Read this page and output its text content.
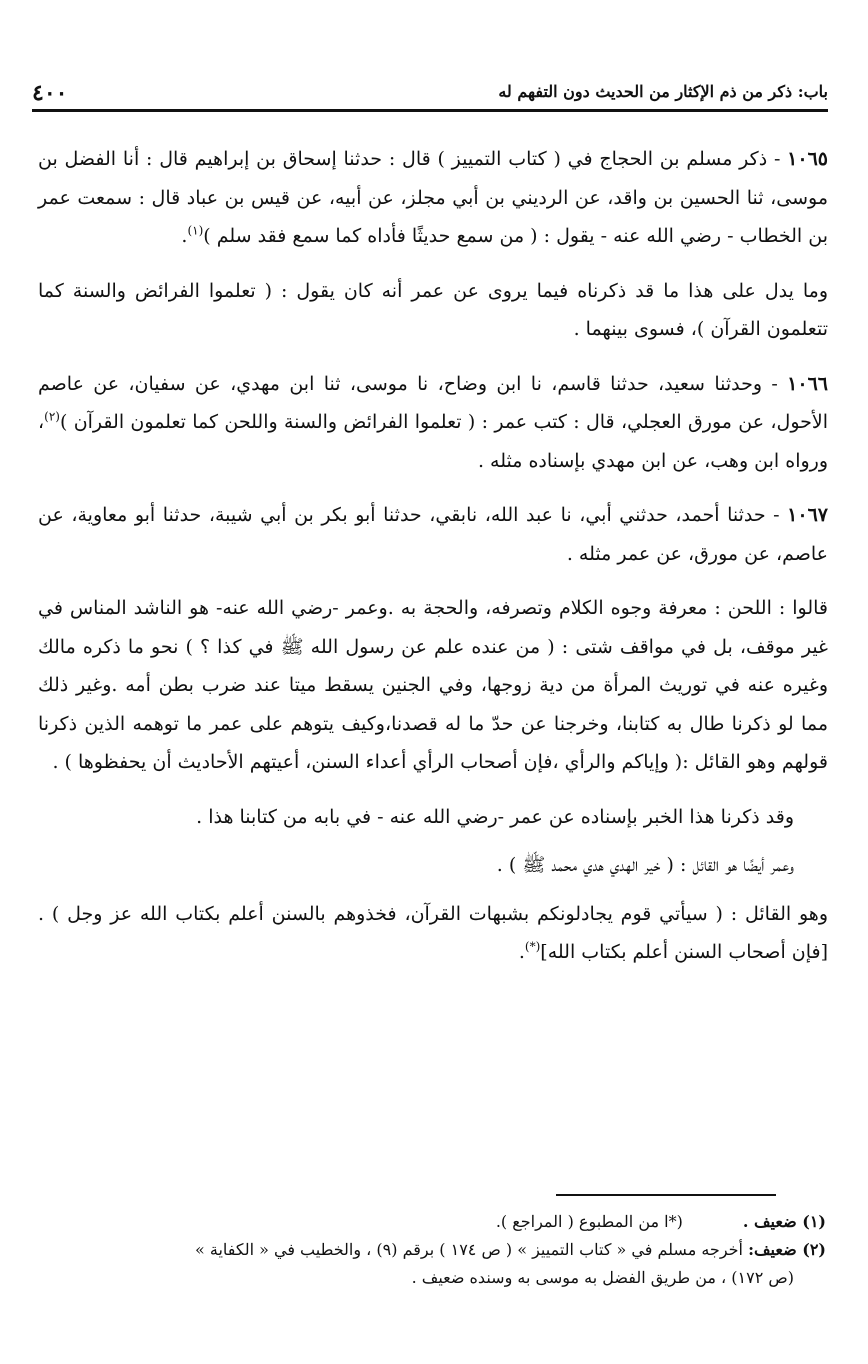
باب: ذكر من ذم الإكثار من الحديث دون التفهم له
٤٠٠

١٠٦٥ - ذكر مسلم بن الحجاج في ( كتاب التمييز ) قال : حدثنا إسحاق بن إبراهيم قال : أنا الفضل بن موسى، ثنا الحسين بن واقد، عن الرديني بن أبي مجلز، عن أبيه، عن قيس بن عباد قال : سمعت عمر بن الخطاب - رضي الله عنه - يقول : ( من سمع حديثًا فأداه كما سمع فقد سلم )$^{(١)}$.

وما يدل على هذا ما قد ذكرناه فيما يروى عن عمر أنه كان يقول : ( تعلموا الفرائض والسنة كما تتعلمون القرآن )، فسوى بينهما .

١٠٦٦ - وحدثنا سعيد، حدثنا قاسم، نا ابن وضاح، نا موسى، ثنا ابن مهدي، عن سفيان، عن عاصم الأحول، عن مورق العجلي، قال : كتب عمر : ( تعلموا الفرائض والسنة واللحن كما تعلمون القرآن )$^{(٢)}$، ورواه ابن وهب، عن ابن مهدي بإسناده مثله .

١٠٦٧ - حدثنا أحمد، حدثني أبي، نا عبد الله، نابقي، حدثنا أبو بكر بن أبي شيبة، حدثنا أبو معاوية، عن عاصم، عن مورق، عن عمر مثله .

قالوا : اللحن : معرفة وجوه الكلام وتصرفه، والحجة به .وعمر -رضي الله عنه- هو الناشد المناس في غير موقف، بل في مواقف شتى : ( من عنده علم عن رسول الله ﷺ في كذا ؟ ) نحو ما ذكره مالك وغيره عنه في توريث المرأة من دية زوجها، وفي الجنين يسقط ميتا عند ضرب بطن أمه .وغير ذلك مما لو ذكرنا طال به كتابنا، وخرجنا عن حدّ ما له قصدنا،وكيف يتوهم على عمر ما توهمه الذين ذكرنا قولهم وهو القائل :( وإياكم والرأي ،فإن أصحاب الرأي أعداء السنن، أعيتهم الأحاديث أن يحفظوها ) .

وقد ذكرنا هذا الخبر بإسناده عن عمر -رضي الله عنه - في بابه من كتابنا هذا .

وعمر أيضًا هو القائل : ( خير الهدي هدي محمد ﷺ ) .

وهو القائل : ( سيأتي قوم يجادلونكم بشبهات القرآن، فخذوهم بالسنن أعلم بكتاب الله عز وجل ) .[فإن أصحاب السنن أعلم بكتاب الله](*).

(١) ضعيف .(*ا من المطبوع ( المراجع ).

(٢) ضعيف: أخرجه مسلم في « كتاب التمييز » ( ص ١٧٤ ) برقم (٩) ، والخطيب في « الكفاية »

(ص ١٧٢) ، من طريق الفضل به موسى به وسنده ضعيف .
